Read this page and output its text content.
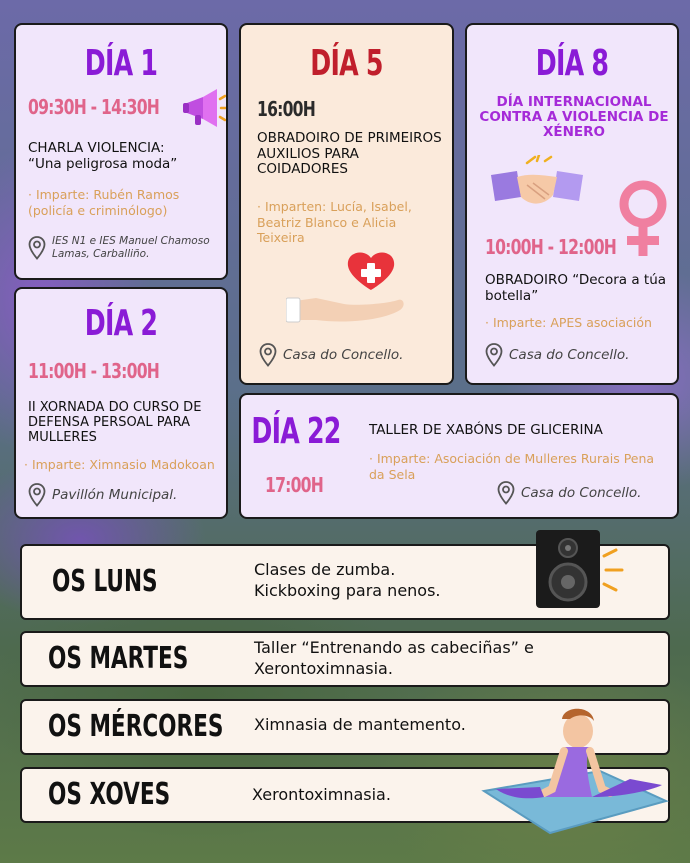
DÍA 1
09:30H - 14:30H
CHARLA VIOLENCIA:
“Una peligrosa moda”
· Imparte: Rubén Ramos (policía e criminólogo)
IES N1 e IES Manuel Chamoso Lamas, Carballiño.
DÍA 2
11:00H - 13:00H
II XORNADA DO CURSO DE DEFENSA PERSOAL PARA MULLERES
· Imparte: Ximnasio Madokoan
Pavillón Municipal.
DÍA 5
16:00H
OBRADOIRO DE PRIMEIROS AUXILIOS PARA COIDADORES
· Imparten: Lucía, Isabel, Beatriz Blanco e Alicia Teixeira
Casa do Concello.
DÍA 8
DÍA INTERNACIONAL CONTRA A VIOLENCIA DE XÉNERO
10:00H - 12:00H
OBRADOIRO “Decora a túa botella”
· Imparte: APES asociación
Casa do Concello.
DÍA 22
17:00H
TALLER DE XABÓNS DE GLICERINA
· Imparte: Asociación de Mulleres Rurais Pena da Sela
Casa do Concello.
OS LUNS	Clases de zumba.
Kickboxing para nenos.
OS MARTES	Taller “Entrenando as cabeciñas” e
Xerontoximnasia.
OS MÉRCORES Ximnasia de mantemento.
OS XOVES	Xerontoximnasia.
